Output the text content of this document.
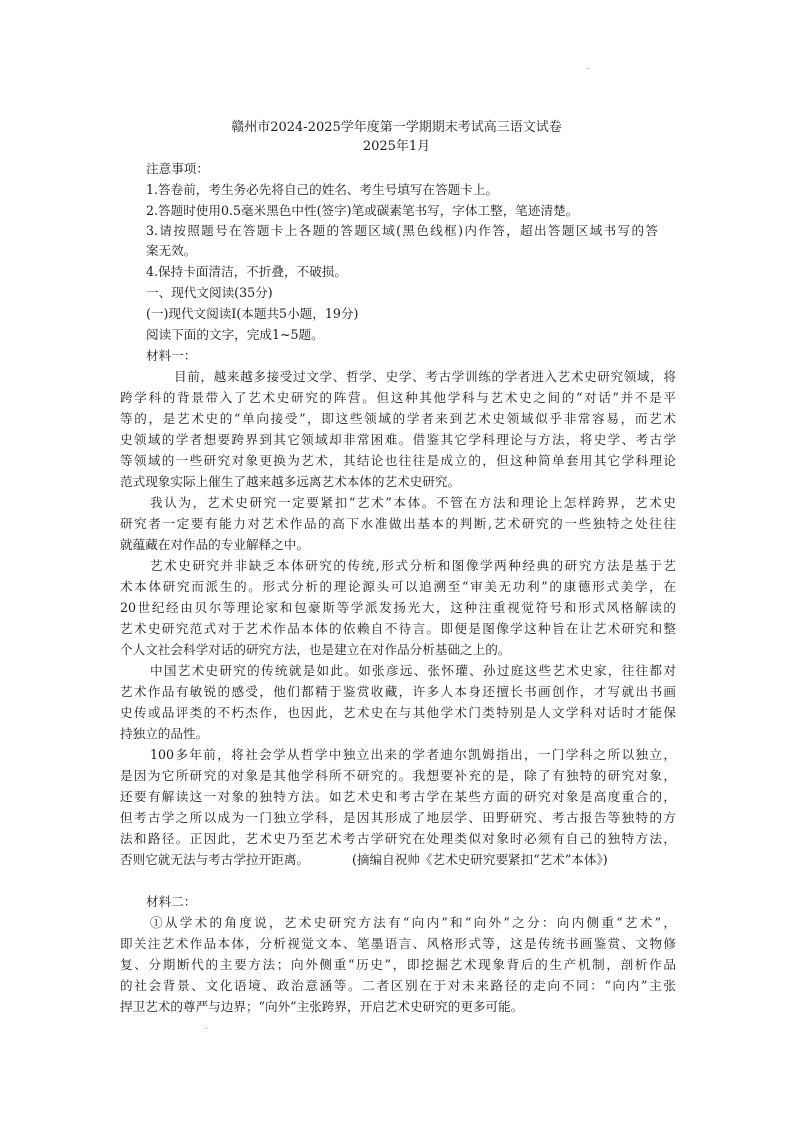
赣州市2024-2025学年度第一学期期末考试高三语文试卷
2025年1月
注意事项：
1.答卷前，考生务必先将自己的姓名、考生号填写在答题卡上。
2.答题时使用0.5毫米黑色中性(签字)笔或碳素笔书写，字体工整，笔迹清楚。
3.请按照题号在答题卡上各题的答题区域(黑色线框)内作答，超出答题区域书写的答
案无效。
4.保持卡面清洁，不折叠，不破损。
一、现代文阅读(35分)
(一)现代文阅读Ⅰ(本题共5小题，19分)
阅读下面的文字，完成1~5题。
材料一：
目前，越来越多接受过文学、哲学、史学、考古学训练的学者进入艺术史研究领域，将
跨学科的背景带入了艺术史研究的阵营。但这种其他学科与艺术史之间的“对话”并不是平
等的，是艺术史的“单向接受”，即这些领域的学者来到艺术史领域似乎非常容易，而艺术
史领域的学者想要跨界到其它领域却非常困难。借鉴其它学科理论与方法，将史学、考古学
等领域的一些研究对象更换为艺术，其结论也往往是成立的，但这种简单套用其它学科理论
范式现象实际上催生了越来越多远离艺术本体的艺术史研究。
我认为，艺术史研究一定要紧扣“艺术”本体。不管在方法和理论上怎样跨界，艺术史
研究者一定要有能力对艺术作品的高下水准做出基本的判断,艺术研究的一些独特之处往往
就蕴藏在对作品的专业解释之中。
艺术史研究并非缺乏本体研究的传统,形式分析和图像学两种经典的研究方法是基于艺
术本体研究而派生的。形式分析的理论源头可以追溯至“审美无功利”的康德形式美学，在
20世纪经由贝尔等理论家和包豪斯等学派发扬光大，这种注重视觉符号和形式风格解读的
艺术史研究范式对于艺术作品本体的依赖自不待言。即便是图像学这种旨在让艺术研究和整
个人文社会科学对话的研究方法，也是建立在对作品分析基础之上的。
中国艺术史研究的传统就是如此。如张彦远、张怀瓘、孙过庭这些艺术史家，往往都对
艺术作品有敏锐的感受，他们都精于鉴赏收藏，许多人本身还擅长书画创作，才写就出书画
史传或品评类的不朽杰作，也因此，艺术史在与其他学术门类特别是人文学科对话时才能保
持独立的品性。
100多年前，将社会学从哲学中独立出来的学者迪尔凯姆指出，一门学科之所以独立，
是因为它所研究的对象是其他学科所不研究的。我想要补充的是，除了有独特的研究对象，
还要有解读这一对象的独特方法。如艺术史和考古学在某些方面的研究对象是高度重合的，
但考古学之所以成为一门独立学科，是因其形成了地层学、田野研究、考古报告等独特的方
法和路径。正因此，艺术史乃至艺术考古学研究在处理类似对象时必须有自己的独特方法，
否则它就无法与考古学拉开距离。	(摘编自祝帅《艺术史研究要紧扣“艺术”本体》)
材料二：
①从学术的角度说，艺术史研究方法有“向内”和“向外”之分：向内侧重“艺术”，
即关注艺术作品本体，分析视觉文本、笔墨语言、风格形式等，这是传统书画鉴赏、文物修
复、分期断代的主要方法；向外侧重“历史”，即挖掘艺术现象背后的生产机制，剖析作品
的社会背景、文化语境、政治意涵等。二者区别在于对未来路径的走向不同：“向内”主张
捍卫艺术的尊严与边界；“向外”主张跨界，开启艺术史研究的更多可能。
